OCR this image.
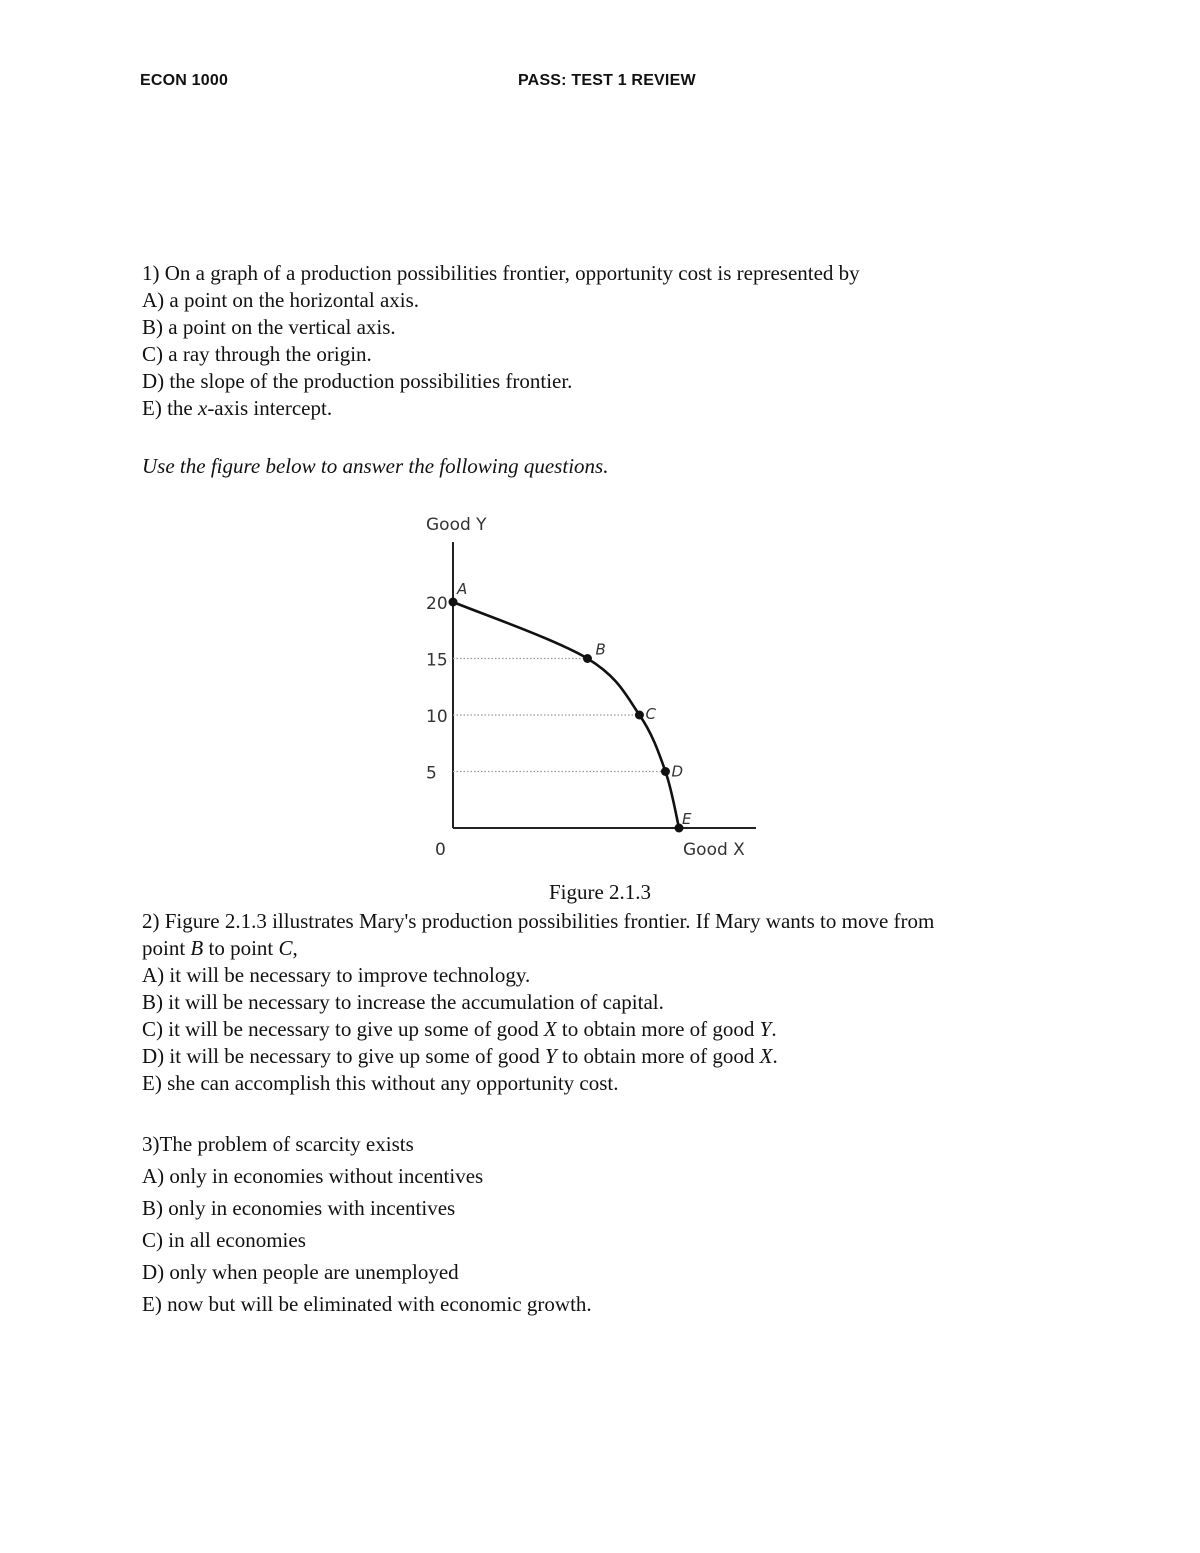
ECON 1000	PASS: TEST 1 REVIEW
1) On a graph of a production possibilities frontier, opportunity cost is represented by
A) a point on the horizontal axis.
B) a point on the vertical axis.
C) a ray through the origin.
D) the slope of the production possibilities frontier.
E) the x-axis intercept.
Use the figure below to answer the following questions.
Good Y
Good X
0
20
15
10
5
A
B
C
D
E
Figure 2.1.3
2) Figure 2.1.3 illustrates Mary's production possibilities frontier. If Mary wants to move from
point B to point C,
A) it will be necessary to improve technology.
B) it will be necessary to increase the accumulation of capital.
C) it will be necessary to give up some of good X to obtain more of good Y.
D) it will be necessary to give up some of good Y to obtain more of good X.
E) she can accomplish this without any opportunity cost.
3)The problem of scarcity exists
A) only in economies without incentives
B) only in economies with incentives
C) in all economies
D) only when people are unemployed
E) now but will be eliminated with economic growth.
